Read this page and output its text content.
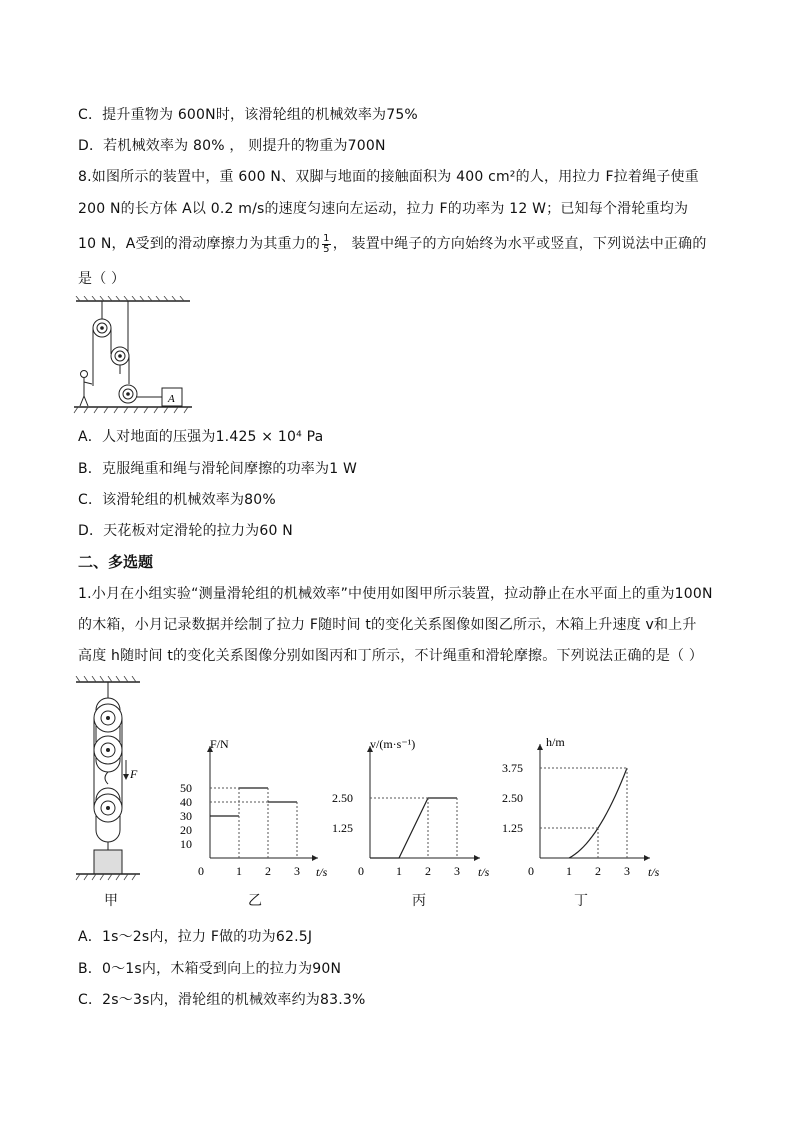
C．提升重物为 600N时，该滑轮组的机械效率为75%
D．若机械效率为 80% ， 则提升的物重为700N
8.如图所示的装置中，重 600 N、双脚与地面的接触面积为 400 cm²的人，用拉力 F拉着绳子使重
200 N的长方体 A以 0.2 m/s的速度匀速向左运动，拉力 F的功率为 12 W；已知每个滑轮重均为
10 N，A受到的滑动摩擦力为其重力的 $\frac{1}{5}$ ， 装置中绳子的方向始终为水平或竖直，下列说法中正确的
是（ ）
A
A．人对地面的压强为1.425 × 10⁴ Pa
B．克服绳重和绳与滑轮间摩擦的功率为1 W
C．该滑轮组的机械效率为80%
D．天花板对定滑轮的拉力为60 N
二、多选题
1.小月在小组实验“测量滑轮组的机械效率”中使用如图甲所示装置，拉动静止在水平面上的重为100N
的木箱，小月记录数据并绘制了拉力 F随时间 t的变化关系图像如图乙所示，木箱上升速度 v和上升
高度 h随时间 t的变化关系图像分别如图丙和丁所示，不计绳重和滑轮摩擦。下列说法正确的是（ ）
F
t/s
F/N
0	1 2 3
10
20
30
40
50
t/s
v/(m·s⁻¹)
0	1 2 3
1.25
2.50
t/s
h/m
0	1 2 3
1.25
2.50
3.75
甲	乙	丙	丁
A．1s～2s内，拉力 F做的功为62.5J
B．0～1s内，木箱受到向上的拉力为90N
C．2s～3s内，滑轮组的机械效率约为83.3%
